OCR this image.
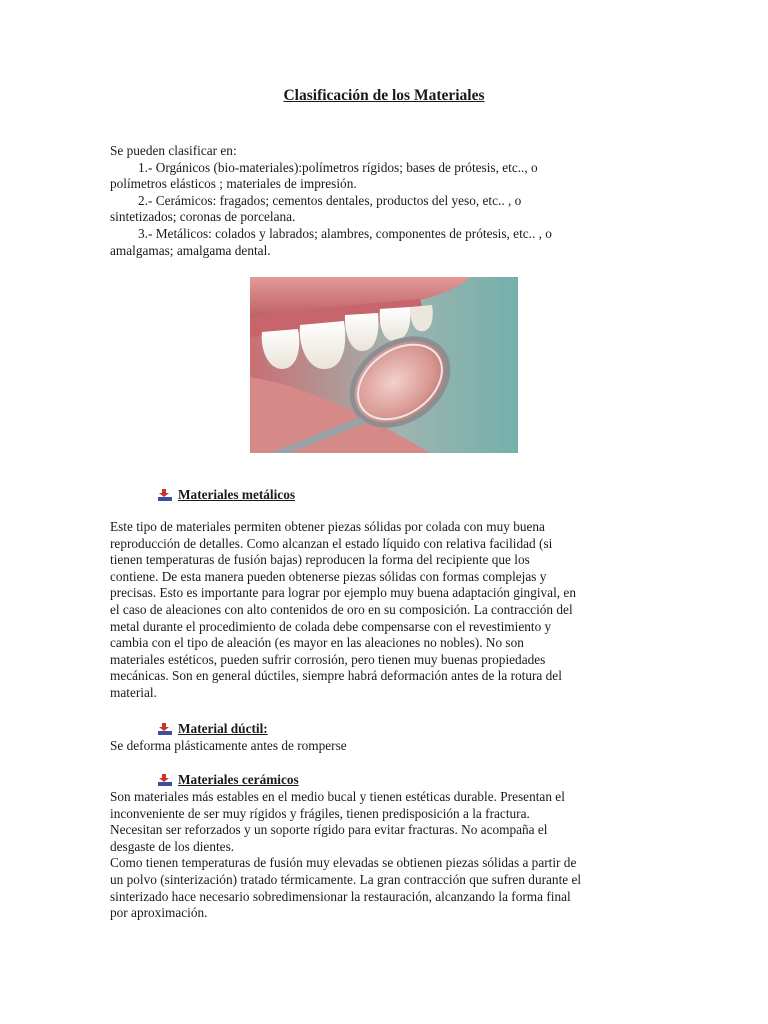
Clasificación de los Materiales

Se pueden clasificar en:

1.- Orgánicos (bio-materiales):polímetros rígidos; bases de prótesis, etc.., o

polímetros elásticos ; materiales de impresión.

2.- Cerámicos: fragados; cementos dentales, productos del yeso, etc.. , o

sintetizados; coronas de porcelana.

3.- Metálicos: colados y labrados; alambres, componentes de prótesis, etc.. , o

amalgamas; amalgama dental.

Materiales metálicos

Este tipo de materiales permiten obtener piezas sólidas por colada con muy buena

reproducción de detalles. Como alcanzan el estado líquido con relativa facilidad (si

tienen temperaturas de fusión bajas) reproducen la forma del recipiente que los

contiene. De esta manera pueden obtenerse piezas sólidas con formas complejas y

precisas. Esto es importante para lograr por ejemplo muy buena adaptación gingival, en

el caso de aleaciones con alto contenidos de oro en su composición. La contracción del

metal durante el procedimiento de colada debe compensarse con el revestimiento y

cambia con el tipo de aleación (es mayor en las aleaciones no nobles). No son

materiales estéticos, pueden sufrir corrosión, pero tienen muy buenas propiedades

mecánicas. Son en general dúctiles, siempre habrá deformación antes de la rotura del

material.

Material dúctil:

Se deforma plásticamente antes de romperse

Materiales cerámicos

Son materiales más estables en el medio bucal y tienen estéticas durable. Presentan el

inconveniente de ser muy rígidos y frágiles, tienen predisposición a la fractura.

Necesitan ser reforzados y un soporte rígido para evitar fracturas. No acompaña el

desgaste de los dientes.

Como tienen temperaturas de fusión muy elevadas se obtienen piezas sólidas a partir de

un polvo (sinterización) tratado térmicamente. La gran contracción que sufren durante el

sinterizado hace necesario sobredimensionar la restauración, alcanzando la forma final

por aproximación.
